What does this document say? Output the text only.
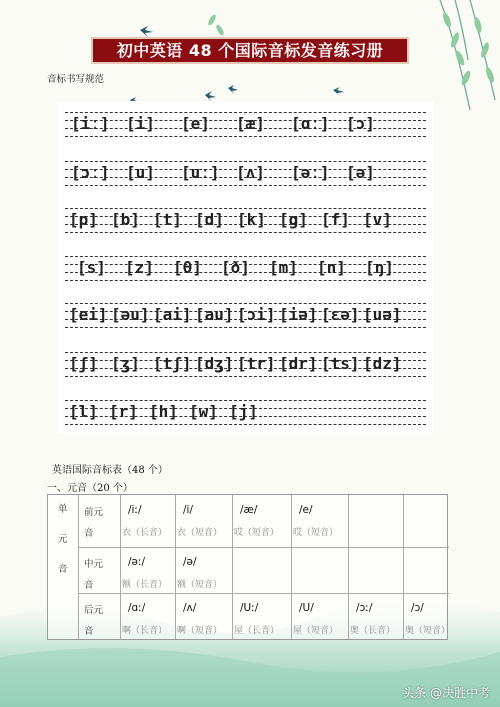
初中英语 48 个国际音标发音练习册
音标书写规范
[iː] [i] [e] [æ] [ɑː] [ɔ]
[ɔː] [u] [uː] [ʌ] [əː] [ə]
[p] [b] [t] [d] [k] [g] [f] [v]
[s] [z] [θ] [ð] [m] [n] [ŋ]
[ei] [əu] [ai] [au] [ɔi] [iə] [ɛə] [uə]
[ʃ] [ʒ] [tʃ] [dʒ] [tr] [dr] [ts] [dz]
[l] [r] [h] [w] [j]
英语国际音标表（48 个）
一、元音（20 个）
单
元
音
前元
音
/iː/
衣（长音）
/i/
衣（短音）
/æ/
哎（短音）
/e/
哎（短音）
中元
音
/əː/
额（长音）
/ə/
额（短音）
后元
音
/ɑː/
啊（长音）
/ʌ/
啊（短音）
/Uː/
屋（长音）
/U/
屋（短音）
/ɔː/
奥（长音）
/ɔ/
奥（短音）
头条 @决胜中考
